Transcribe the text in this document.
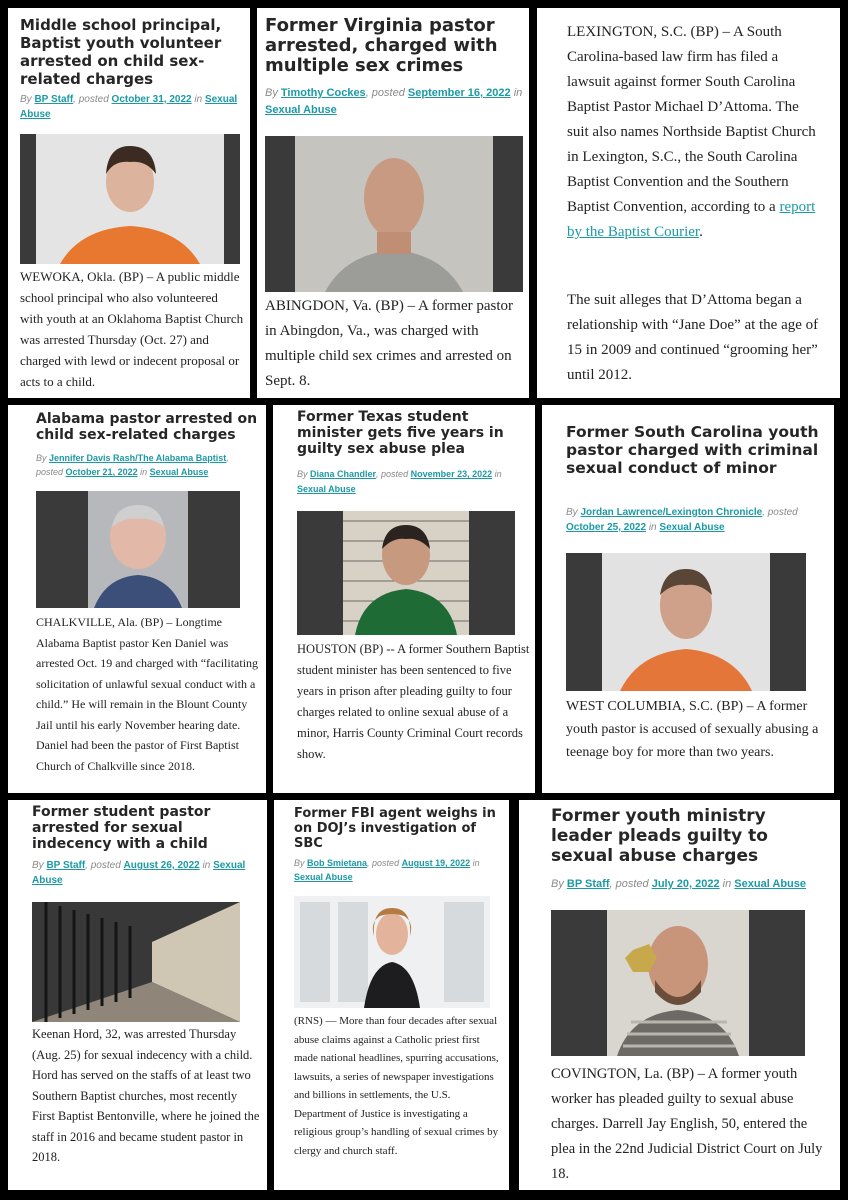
Middle school principal, Baptist youth volunteer arrested on child sex-related charges

By BP Staff, posted October 31, 2022 in Sexual Abuse

WEWOKA, Okla. (BP) – A public middle school principal who also volunteered with youth at an Oklahoma Baptist Church was arrested Thursday (Oct. 27) and charged with lewd or indecent proposal or acts to a child.

Former Virginia pastor arrested, charged with multiple sex crimes

By Timothy Cockes, posted September 16, 2022 in Sexual Abuse

ABINGDON, Va. (BP) – A former pastor in Abingdon, Va., was charged with multiple child sex crimes and arrested on Sept. 8.

LEXINGTON, S.C. (BP) – A South Carolina-based law firm has filed a lawsuit against former South Carolina Baptist Pastor Michael D’Attoma. The suit also names Northside Baptist Church in Lexington, S.C., the South Carolina Baptist Convention and the Southern Baptist Convention, according to a report by the Baptist Courier.

The suit alleges that D’Attoma began a relationship with “Jane Doe” at the age of 15 in 2009 and continued “grooming her” until 2012.

Alabama pastor arrested on child sex-related charges

By Jennifer Davis Rash/The Alabama Baptist, posted October 21, 2022 in Sexual Abuse

CHALKVILLE, Ala. (BP) – Longtime Alabama Baptist pastor Ken Daniel was arrested Oct. 19 and charged with “facilitating solicitation of unlawful sexual conduct with a child.” He will remain in the Blount County Jail until his early November hearing date. Daniel had been the pastor of First Baptist Church of Chalkville since 2018.

Former Texas student minister gets five years in guilty sex abuse plea

By Diana Chandler, posted November 23, 2022 in Sexual Abuse

HOUSTON (BP) -- A former Southern Baptist student minister has been sentenced to five years in prison after pleading guilty to four charges related to online sexual abuse of a minor, Harris County Criminal Court records show.

Former South Carolina youth pastor charged with criminal sexual conduct of minor

By Jordan Lawrence/Lexington Chronicle, posted October 25, 2022 in Sexual Abuse

WEST COLUMBIA, S.C. (BP) – A former youth pastor is accused of sexually abusing a teenage boy for more than two years.

Former student pastor arrested for sexual indecency with a child

By BP Staff, posted August 26, 2022 in Sexual Abuse

Keenan Hord, 32, was arrested Thursday (Aug. 25) for sexual indecency with a child. Hord has served on the staffs of at least two Southern Baptist churches, most recently First Baptist Bentonville, where he joined the staff in 2016 and became student pastor in 2018.

Former FBI agent weighs in on DOJ’s investigation of SBC

By Bob Smietana, posted August 19, 2022 in Sexual Abuse

(RNS) — More than four decades after sexual abuse claims against a Catholic priest first made national headlines, spurring accusations, lawsuits, a series of newspaper investigations and billions in settlements, the U.S. Department of Justice is investigating a religious group’s handling of sexual crimes by clergy and church staff.

Former youth ministry leader pleads guilty to sexual abuse charges

By BP Staff, posted July 20, 2022 in Sexual Abuse

COVINGTON, La. (BP) – A former youth worker has pleaded guilty to sexual abuse charges. Darrell Jay English, 50, entered the plea in the 22nd Judicial District Court on July 18.
